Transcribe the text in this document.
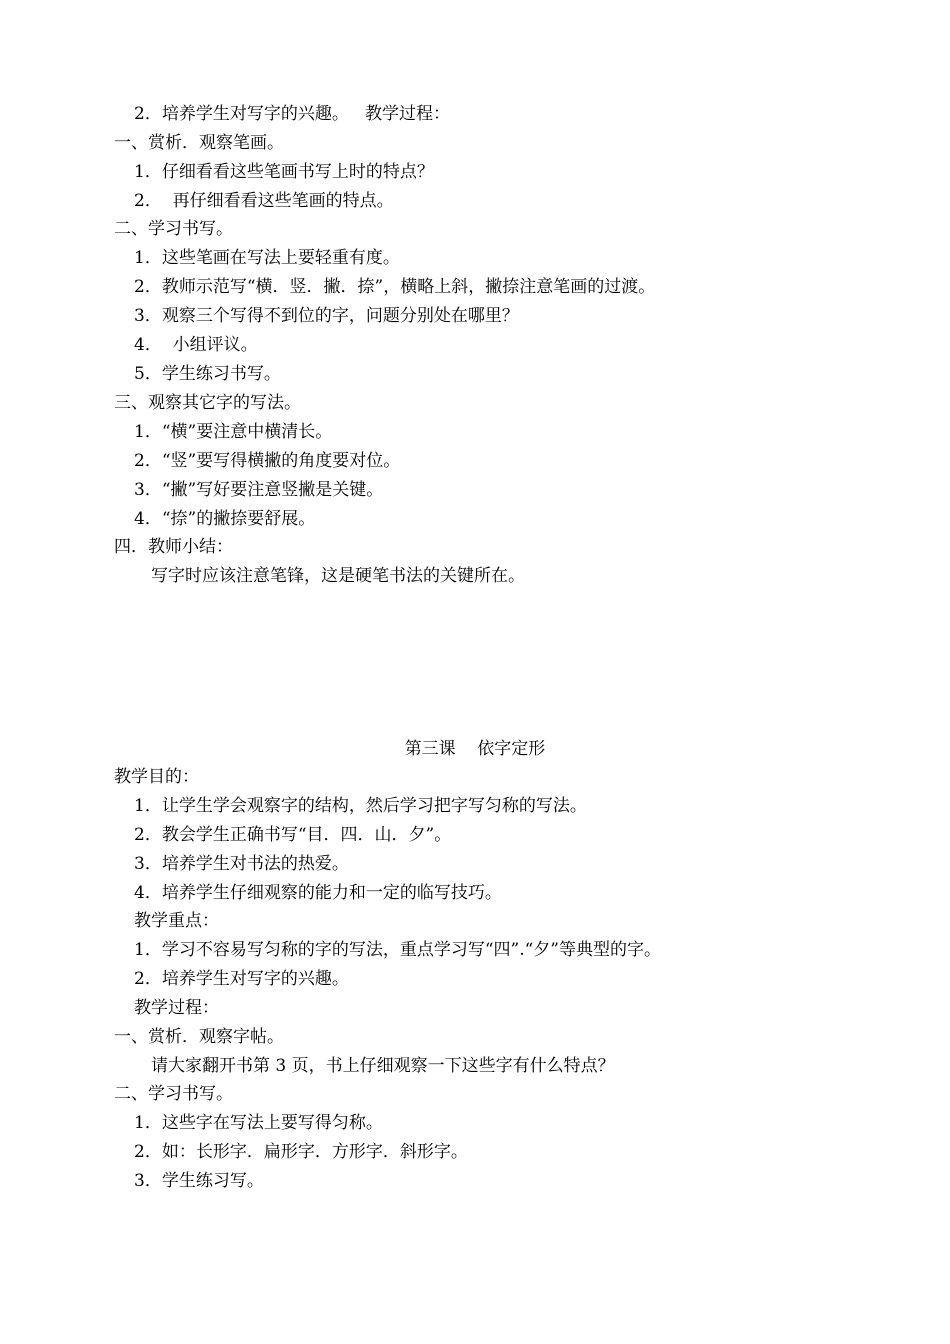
2．培养学生对写字的兴趣。   教学过程：
一、赏析．观察笔画。
1．仔细看看这些笔画书写上时的特点？
2．  再仔细看看这些笔画的特点。
二、学习书写。
1．这些笔画在写法上要轻重有度。
2．教师示范写“横．竖．撇．捺”，横略上斜，撇捺注意笔画的过渡。
3．观察三个写得不到位的字，问题分别处在哪里？
4．  小组评议。
5．学生练习书写。
三、观察其它字的写法。
1．“横”要注意中横清长。
2．“竖”要写得横撇的角度要对位。
3．“撇”写好要注意竖撇是关键。
4．“捺”的撇捺要舒展。
四．教师小结：
写字时应该注意笔锋，这是硬笔书法的关键所在。
第三课    依字定形
教学目的：
1．让学生学会观察字的结构，然后学习把字写匀称的写法。
2．教会学生正确书写“目．四．山．夕”。
3．培养学生对书法的热爱。
4．培养学生仔细观察的能力和一定的临写技巧。
教学重点：
1．学习不容易写匀称的字的写法，重点学习写“四”.“夕”等典型的字。
2．培养学生对写字的兴趣。
教学过程：
一、赏析．观察字帖。
请大家翻开书第 3 页，书上仔细观察一下这些字有什么特点？
二、学习书写。
1．这些字在写法上要写得匀称。
2．如：长形字．扁形字．方形字．斜形字。
3．学生练习写。
